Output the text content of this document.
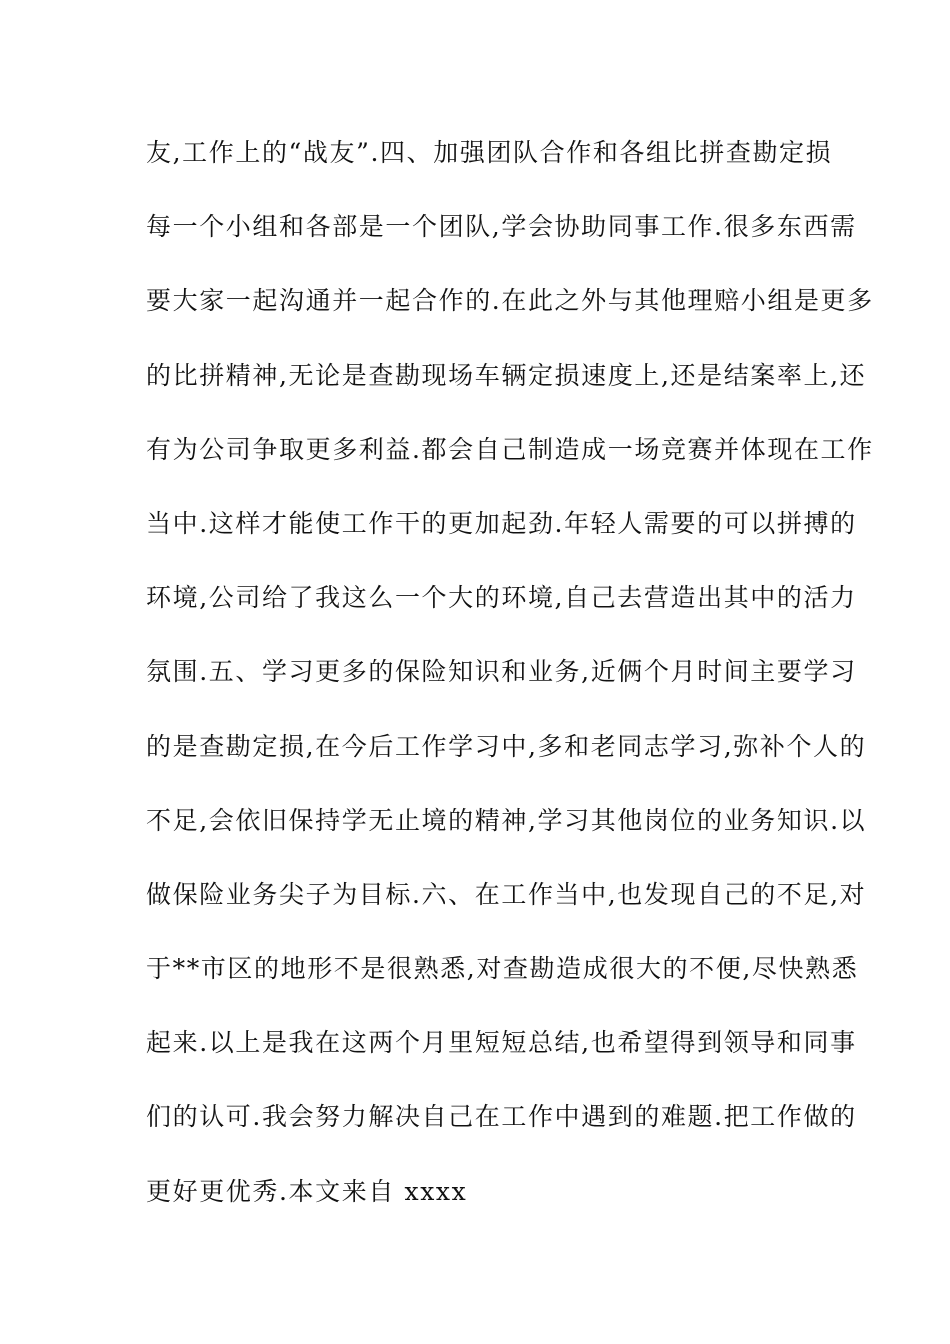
友,工作上的“战友”.四、加强团队合作和各组比拼查勘定损
每一个小组和各部是一个团队,学会协助同事工作.很多东西需
要大家一起沟通并一起合作的.在此之外与其他理赔小组是更多
的比拼精神,无论是查勘现场车辆定损速度上,还是结案率上,还
有为公司争取更多利益.都会自己制造成一场竞赛并体现在工作
当中.这样才能使工作干的更加起劲.年轻人需要的可以拼搏的
环境,公司给了我这么一个大的环境,自己去营造出其中的活力
氛围.五、学习更多的保险知识和业务,近俩个月时间主要学习
的是查勘定损,在今后工作学习中,多和老同志学习,弥补个人的
不足,会依旧保持学无止境的精神,学习其他岗位的业务知识.以
做保险业务尖子为目标.六、在工作当中,也发现自己的不足,对
于**市区的地形不是很熟悉,对查勘造成很大的不便,尽快熟悉
起来.以上是我在这两个月里短短总结,也希望得到领导和同事
们的认可.我会努力解决自己在工作中遇到的难题.把工作做的
更好更优秀.本文来自 xxxx
